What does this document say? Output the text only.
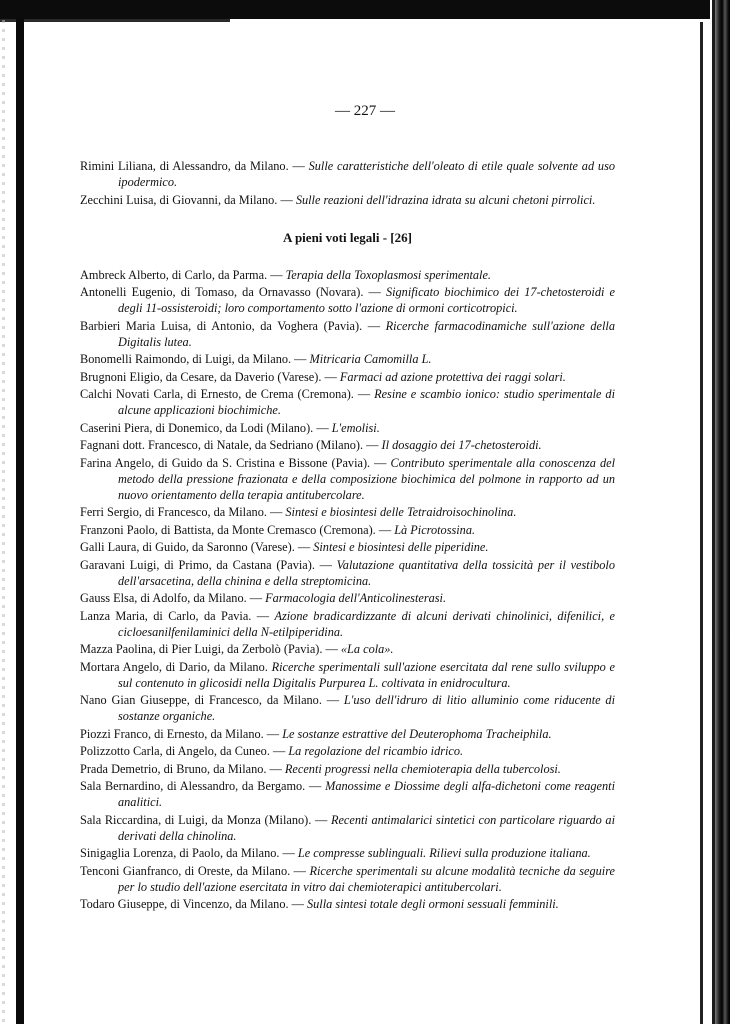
— 227 —

Rimini Liliana, di Alessandro, da Milano. — Sulle caratteristiche dell'oleato di etile quale solvente ad uso ipodermico.

Zecchini Luisa, di Giovanni, da Milano. — Sulle reazioni dell'idrazina idrata su alcuni chetoni pirrolici.

A pieni voti legali - [26]

Ambreck Alberto, di Carlo, da Parma. — Terapia della Toxoplasmosi sperimentale.

Antonelli Eugenio, di Tomaso, da Ornavasso (Novara). — Significato biochimico dei 17-chetosteroidi e degli 11-ossisteroidi; loro comportamento sotto l'azione di ormoni corticotropici.

Barbieri Maria Luisa, di Antonio, da Voghera (Pavia). — Ricerche farmacodinamiche sull'azione della Digitalis lutea.

Bonomelli Raimondo, di Luigi, da Milano. — Mitricaria Camomilla L.

Brugnoni Eligio, da Cesare, da Daverio (Varese). — Farmaci ad azione protettiva dei raggi solari.

Calchi Novati Carla, di Ernesto, de Crema (Cremona). — Resine e scambio ionico: studio sperimentale di alcune applicazioni biochimiche.

Caserini Piera, di Donemico, da Lodi (Milano). — L'emolisi.

Fagnani dott. Francesco, di Natale, da Sedriano (Milano). — Il dosaggio dei 17-chetosteroidi.

Farina Angelo, di Guido da S. Cristina e Bissone (Pavia). — Contributo sperimentale alla conoscenza del metodo della pressione frazionata e della composizione biochimica del polmone in rapporto ad un nuovo orientamento della terapia antitubercolare.

Ferri Sergio, di Francesco, da Milano. — Sintesi e biosintesi delle Tetraidroisochinolina.

Franzoni Paolo, di Battista, da Monte Cremasco (Cremona). — Là Picrotossina.

Galli Laura, di Guido, da Saronno (Varese). — Sintesi e biosintesi delle piperidine.

Garavani Luigi, di Primo, da Castana (Pavia). — Valutazione quantitativa della tossicità per il vestibolo dell'arsacetina, della chinina e della streptomicina.

Gauss Elsa, di Adolfo, da Milano. — Farmacologia dell'Anticolinesterasi.

Lanza Maria, di Carlo, da Pavia. — Azione bradicardizzante di alcuni derivati chinolinici, difenilici, e cicloesanilfenilaminici della N-etilpiperidina.

Mazza Paolina, di Pier Luigi, da Zerbolò (Pavia). — «La cola».

Mortara Angelo, di Dario, da Milano. Ricerche sperimentali sull'azione esercitata dal rene sullo sviluppo e sul contenuto in glicosidi nella Digitalis Purpurea L. coltivata in enidrocultura.

Nano Gian Giuseppe, di Francesco, da Milano. — L'uso dell'idruro di litio alluminio come riducente di sostanze organiche.

Piozzi Franco, di Ernesto, da Milano. — Le sostanze estrattive del Deuterophoma Tracheiphila.

Polizzotto Carla, di Angelo, da Cuneo. — La regolazione del ricambio idrico.

Prada Demetrio, di Bruno, da Milano. — Recenti progressi nella chemioterapia della tubercolosi.

Sala Bernardino, di Alessandro, da Bergamo. — Manossime e Diossime degli alfa-dichetoni come reagenti analitici.

Sala Riccardina, di Luigi, da Monza (Milano). — Recenti antimalarici sintetici con particolare riguardo ai derivati della chinolina.

Sinigaglia Lorenza, di Paolo, da Milano. — Le compresse sublinguali. Rilievi sulla produzione italiana.

Tenconi Gianfranco, di Oreste, da Milano. — Ricerche sperimentali su alcune modalità tecniche da seguire per lo studio dell'azione esercitata in vitro dai chemioterapici antitubercolari.

Todaro Giuseppe, di Vincenzo, da Milano. — Sulla sintesi totale degli ormoni sessuali femminili.
